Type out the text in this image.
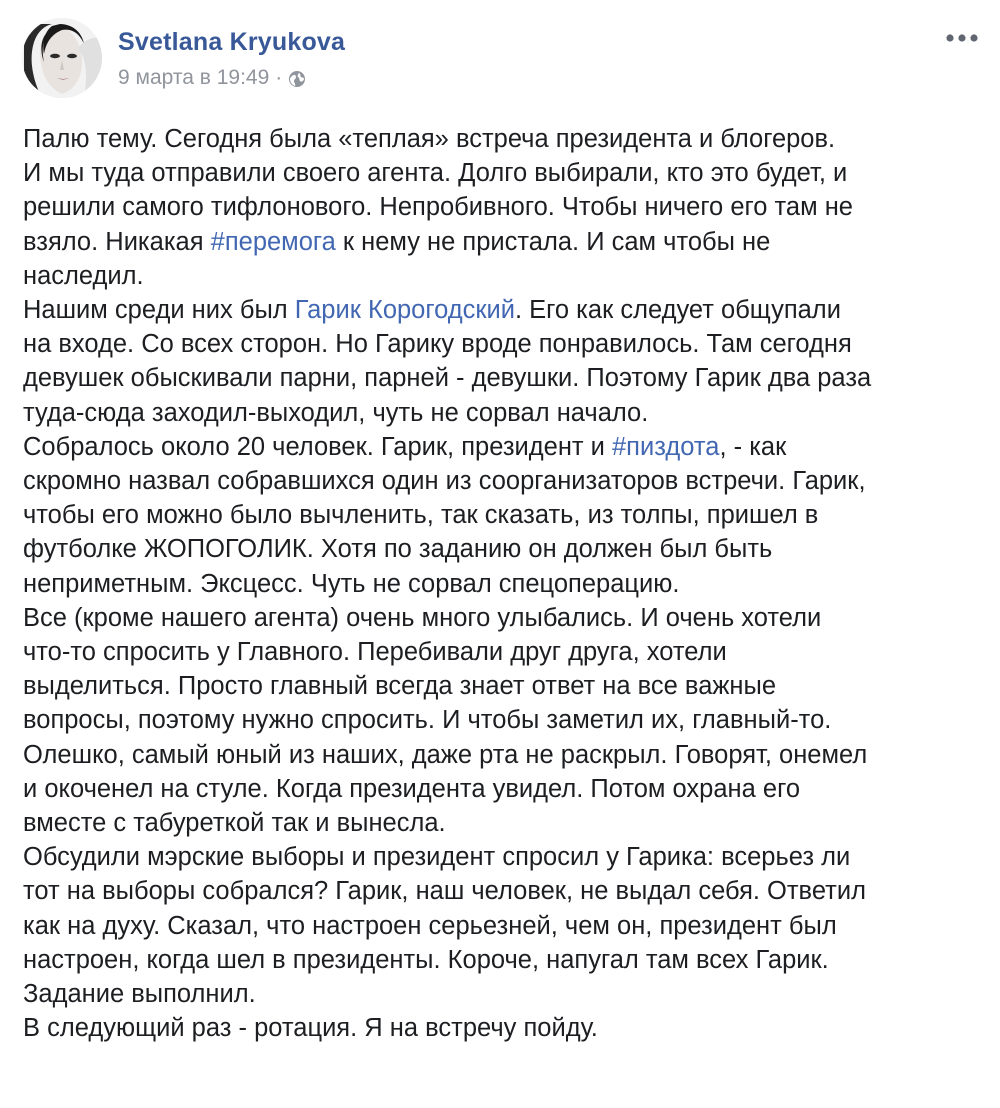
Svetlana Kryukova
9 марта в 19:49 ·
Палю тему. Сегодня была «теплая» встреча президента и блогеров.
И мы туда отправили своего агента. Долго выбирали, кто это будет, и
решили самого тифлонового. Непробивного. Чтобы ничего его там не
взяло. Никакая #перемога к нему не пристала. И сам чтобы не
наследил.
Нашим среди них был Гарик Корогодский. Его как следует общупали
на входе. Со всех сторон. Но Гарику вроде понравилось. Там сегодня
девушек обыскивали парни, парней - девушки. Поэтому Гарик два раза
туда-сюда заходил-выходил, чуть не сорвал начало.
Собралось около 20 человек. Гарик, президент и #пиздота, - как
скромно назвал собравшихся один из соорганизаторов встречи. Гарик,
чтобы его можно было вычленить, так сказать, из толпы, пришел в
футболке ЖОПОГОЛИК. Хотя по заданию он должен был быть
неприметным. Эксцесс. Чуть не сорвал спецоперацию.
Все (кроме нашего агента) очень много улыбались. И очень хотели
что-то спросить у Главного. Перебивали друг друга, хотели
выделиться. Просто главный всегда знает ответ на все важные
вопросы, поэтому нужно спросить. И чтобы заметил их, главный-то.
Олешко, самый юный из наших, даже рта не раскрыл. Говорят, онемел
и окоченел на стуле. Когда президента увидел. Потом охрана его
вместе с табуреткой так и вынесла.
Обсудили мэрские выборы и президент спросил у Гарика: всерьез ли
тот на выборы собрался? Гарик, наш человек, не выдал себя. Ответил
как на духу. Сказал, что настроен серьезней, чем он, президент был
настроен, когда шел в президенты. Короче, напугал там всех Гарик.
Задание выполнил.
В следующий раз - ротация. Я на встречу пойду.
